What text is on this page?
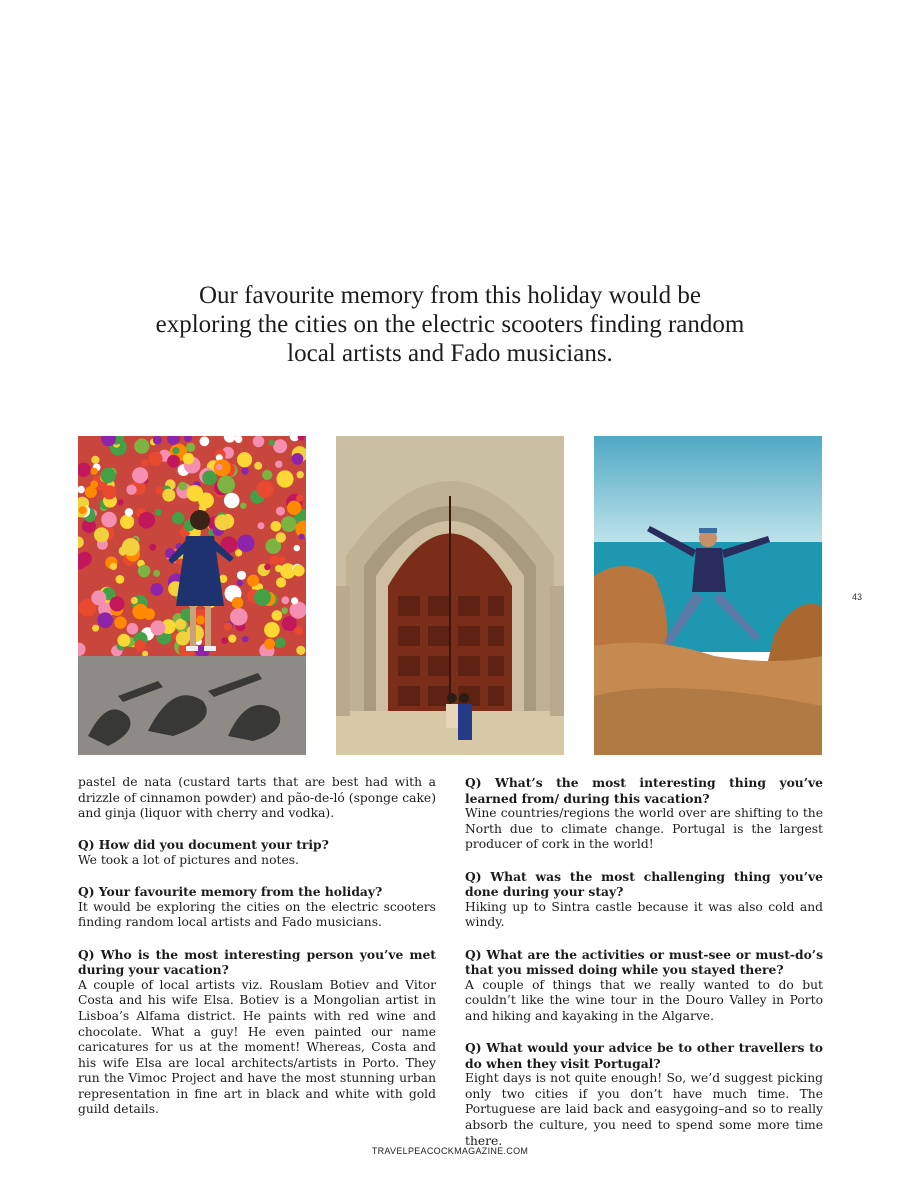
Our favourite memory from this holiday would be exploring the cities on the electric scooters finding random local artists and Fado musicians.

43

pastel de nata (custard tarts that are best had with a drizzle of cinnamon powder) and pão-de-ló (sponge cake) and ginja (liquor with cherry and vodka).

Q) How did you document your trip?

We took a lot of pictures and notes.

Q) Your favourite memory from the holiday?

It would be exploring the cities on the electric scooters finding random local artists and Fado musicians.

Q) Who is the most interesting person you’ve met during your vacation?

A couple of local artists viz. Rouslam Botiev and Vitor Costa and his wife Elsa. Botiev is a Mongolian artist in Lisboa’s Alfama district. He paints with red wine and chocolate. What a guy! He even painted our name caricatures for us at the moment! Whereas, Costa and his wife Elsa are local architects/artists in Porto. They run the Vimoc Project and have the most stunning urban representation in fine art in black and white with gold guild details.

Q) What’s the most interesting thing you’ve learned from/ during this vacation?

Wine countries/regions the world over are shifting to the North due to climate change. Portugal is the largest producer of cork in the world!

Q) What was the most challenging thing you’ve done during your stay?

Hiking up to Sintra castle because it was also cold and windy.

Q) What are the activities or must-see or must-do’s that you missed doing while you stayed there?

A couple of things that we really wanted to do but couldn’t like the wine tour in the Douro Valley in Porto and hiking and kayaking in the Algarve.

Q) What would your advice be to other travellers to do when they visit Portugal?

Eight days is not quite enough! So, we’d suggest picking only two cities if you don’t have much time. The Portuguese are laid back and easygoing–and so to really absorb the culture, you need to spend some more time there.

TRAVELPEACOCKMAGAZINE.COM
